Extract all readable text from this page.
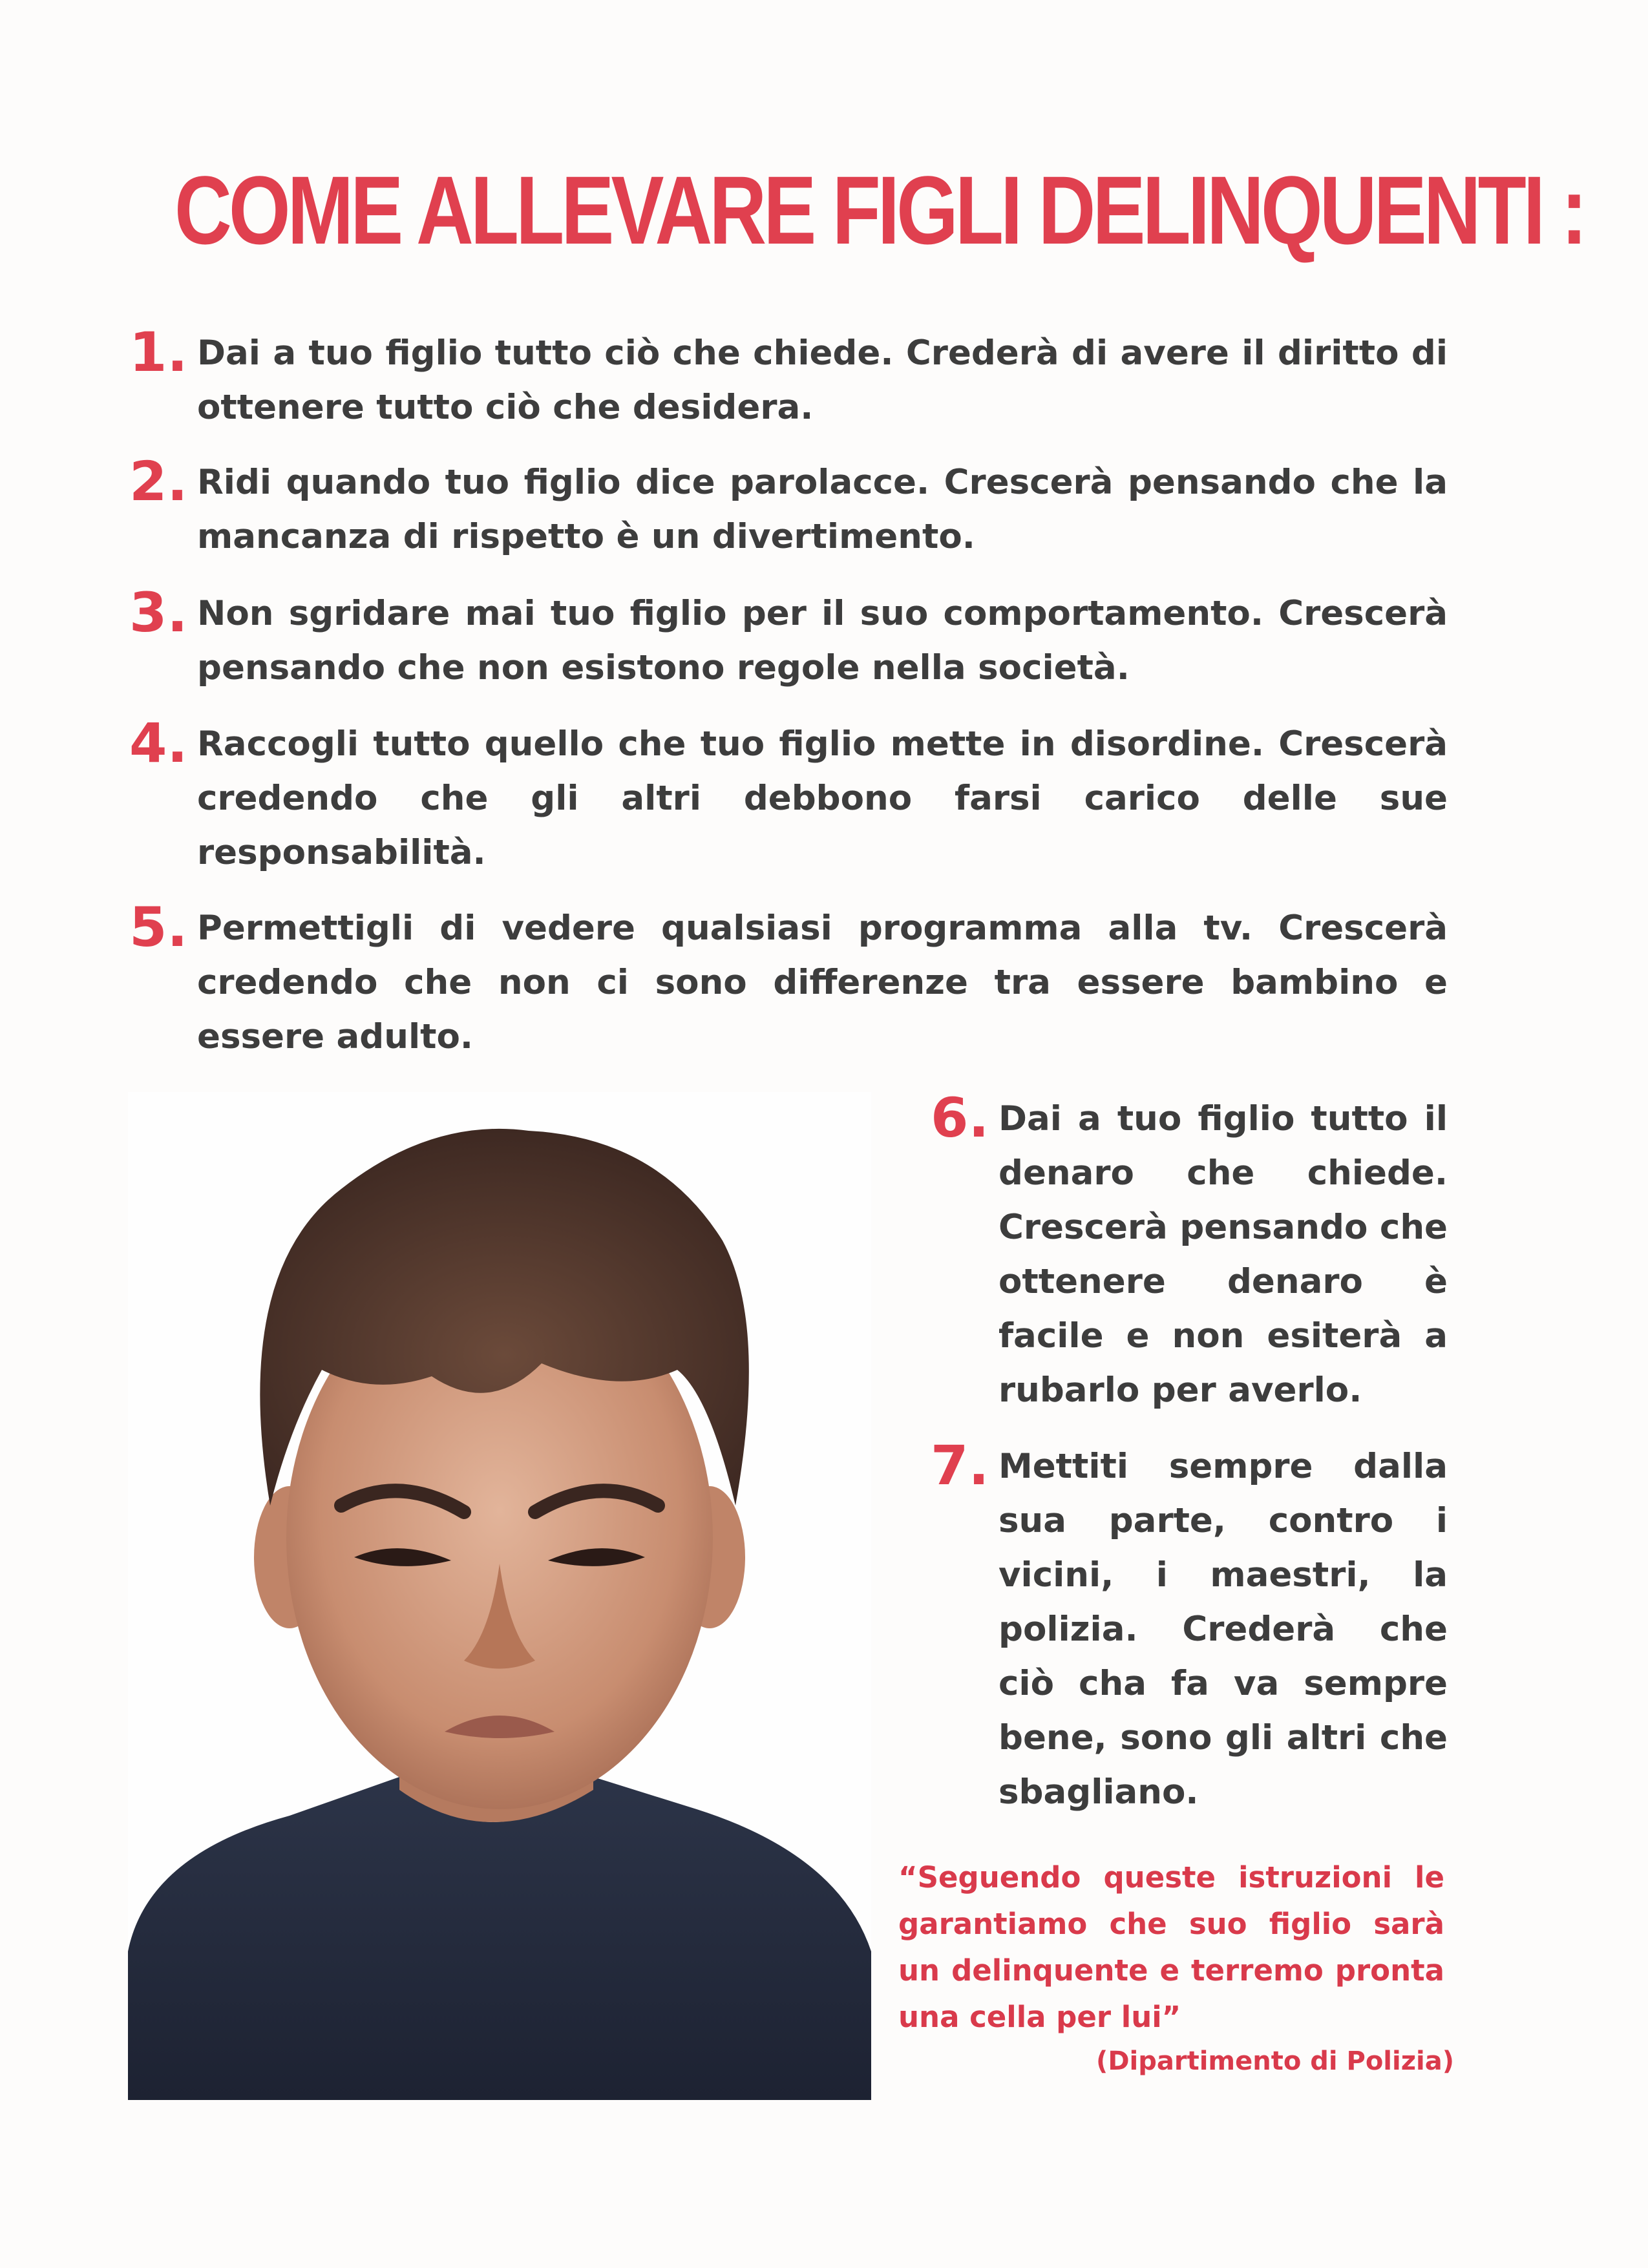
COME ALLEVARE FIGLI DELINQUENTI :
1. Dai a tuo figlio tutto ciò che chiede. Crederà di avere il diritto di ottenere tutto ciò che desidera.
2. Ridi quando tuo figlio dice parolacce. Crescerà pensando che la mancanza di rispetto è un divertimento.
3. Non sgridare mai tuo figlio per il suo comportamento. Crescerà pensando che non esistono regole nella società.
4. Raccogli tutto quello che tuo figlio mette in disordine. Crescerà credendo che gli altri debbono farsi carico delle sue responsabilità.
5. Permettigli di vedere qualsiasi programma alla tv. Crescerà credendo che non ci sono differenze tra essere bambino e essere adulto.
6. Dai a tuo figlio tutto il denaro che chiede. Crescerà pensando che ottenere denaro è facile e non esiterà a rubarlo per averlo.
7. Mettiti sempre dalla sua parte, contro i vicini, i maestri, la polizia. Crederà che ciò cha fa va sempre bene, sono gli altri che sbagliano.
“Seguendo queste istruzioni le garantiamo che suo figlio sarà un delinquente e terremo pronta una cella per lui”
(Dipartimento di Polizia)
